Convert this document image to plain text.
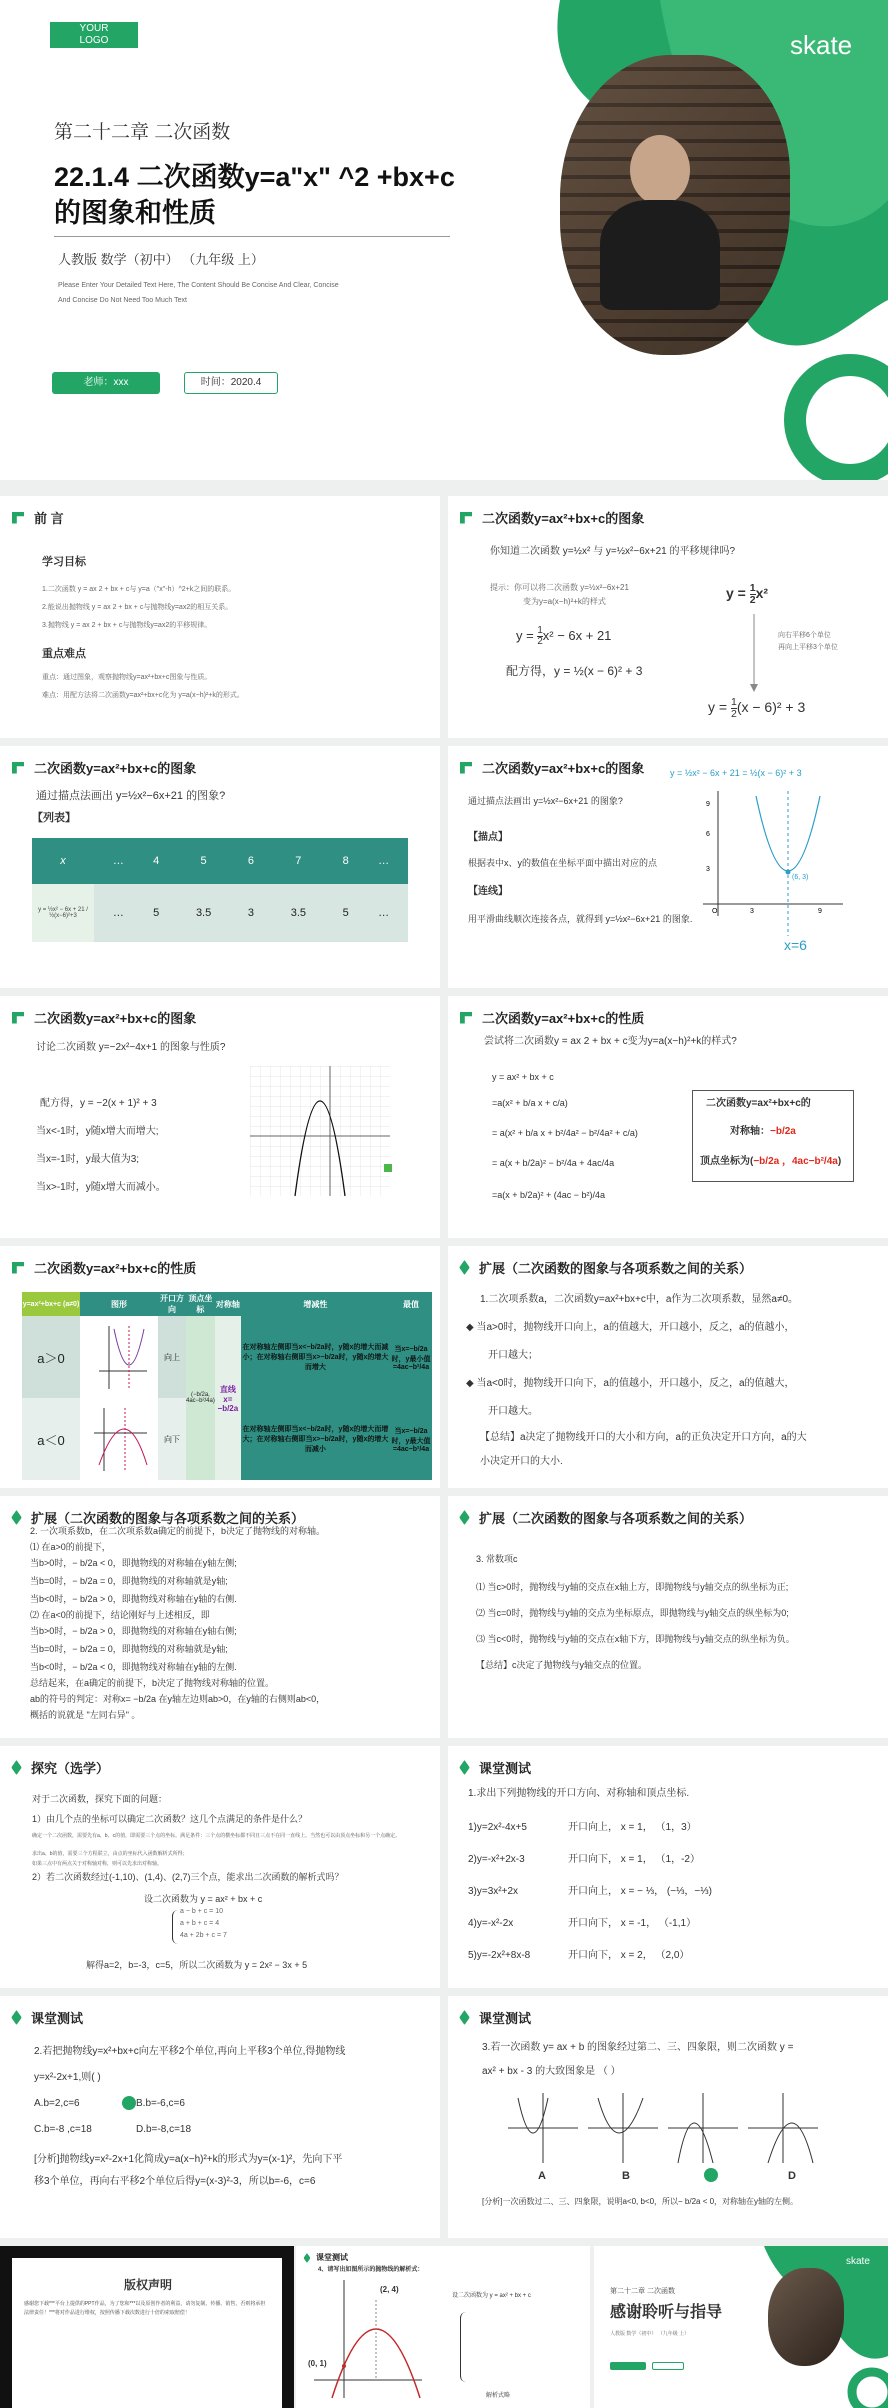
YOUR
LOGO	skate
第二十二章 二次函数
22.1.4 二次函数y=a"x" ^2 +bx+c
的图象和性质
人教版 数学（初中） （九年级 上）
Please Enter Your Detailed Text Here, The Content Should Be Concise And Clear, Concise
And Concise Do Not Need Too Much Text
老师：xxx	时间：2020.4
前 言
学习目标
1.二次函数 y = ax 2 + bx + c与 y=a（"x"-h）^2+k之间的联系。
2.能说出抛物线 y = ax 2 + bx + c与抛物线y=ax2的相互关系。
3.抛物线 y = ax 2 + bx + c与抛物线y=ax2的平移规律。
重点难点
重点：通过图象，观察抛物线y=ax²+bx+c图象与性质。
难点：用配方法将二次函数y=ax²+bx+c化为 y=a(x−h)²+k的形式。
二次函数y=ax²+bx+c的图象
你知道二次函数 y=½x² 与 y=½x²−6x+21 的平移规律吗?
提示：你可以将二次函数 y=½x²−6x+21
变为y=a(x−h)²+k的样式
$y = \frac{1}{2} x^2 - 6x + 21$
配方得，y = ½(x − 6)² + 3
$y = \frac{1}{2} x^2$
向右平移6个单位
再向上平移3个单位
$y = \frac{1}{2} (x - 6)^2 + 3$
二次函数y=ax²+bx+c的图象
通过描点法画出 y=½x²−6x+21 的图象?
【列表】
x	…	4	5	6	7	8	…
y = ½x² − 6x + 21 / ½(x−6)²+3	…	5	3.5	3	3.5	5	…
二次函数y=ax²+bx+c的图象
通过描点法画出 y=½x²−6x+21 的图象?
【描点】
根据表中x、y的数值在坐标平面中描出对应的点
【连线】
用平滑曲线顺次连接各点，就得到 y=½x²−6x+21 的图象.
y = ½x² − 6x + 21 = ½(x − 6)² + 3
9
6
3
O	3	9
(6, 3)
x=6
二次函数y=ax²+bx+c的图象
讨论二次函数 y=−2x²−4x+1 的图象与性质?
配方得，y = −2(x + 1)² + 3
当x<-1时，y随x增大而增大;
当x=-1时，y最大值为3;
当x>-1时，y随x增大而减小。
二次函数y=ax²+bx+c的性质
尝试将二次函数y = ax 2 + bx + c变为y=a(x−h)²+k的样式?
y = ax² + bx + c
=a(x² + b/a x + c/a)
= a(x² + b/a x + b²/4a² − b²/4a² + c/a)
= a(x + b/2a)² − b²/4a + 4ac/4a
=a(x + b/2a)² + (4ac − b²)/4a
二次函数y=ax²+bx+c的
对称轴：−b/2a
顶点坐标为(−b/2a ，4ac−b²/4a)
二次函数y=ax²+bx+c的性质
y=ax²+bx+c (a≠0)	图形	开口方向	顶点坐标	对称轴	增减性	最值
a＞0		向上	(−b/2a, 4ac−b²/4a)	直线 x= −b/2a	在对称轴左侧即当x<−b/2a时，y随x的增大而减小；在对称轴右侧即当x>−b/2a时，y随x的增大而增大	当x=−b/2a时，y最小值=4ac−b²/4a
a＜0		向下			在对称轴左侧即当x<−b/2a时，y随x的增大而增大；在对称轴右侧即当x>−b/2a时，y随x的增大而减小	当x=−b/2a时，y最大值=4ac−b²/4a
扩展（二次函数的图象与各项系数之间的关系）
1.二次项系数a，二次函数y=ax²+bx+c中，a作为二次项系数，显然a≠0。
◆ 当a>0时，抛物线开口向上，a的值越大，开口越小，反之，a的值越小，
开口越大；
◆ 当a<0时，抛物线开口向下，a的值越小，开口越小，反之，a的值越大，
开口越大。
【总结】a决定了抛物线开口的大小和方向，a的正负决定开口方向，a的大
小决定开口的大小.
扩展（二次函数的图象与各项系数之间的关系）
2. 一次项系数b，在二次项系数a确定的前提下，b决定了抛物线的对称轴。
⑴ 在a>0的前提下，
当b>0时，− b/2a < 0，即抛物线的对称轴在y轴左侧;
当b=0时，− b/2a = 0，即抛物线的对称轴就是y轴;
当b<0时，− b/2a > 0，即抛物线对称轴在y轴的右侧.
⑵ 在a<0的前提下，结论刚好与上述相反，即
当b>0时，− b/2a > 0，即抛物线的对称轴在y轴右侧;
当b=0时，− b/2a = 0，即抛物线的对称轴就是y轴;
当b<0时，− b/2a < 0，即抛物线对称轴在y轴的左侧.
总结起来，在a确定的前提下，b决定了抛物线对称轴的位置。
ab的符号的判定：对称x= −b/2a 在y轴左边则ab>0，在y轴的右侧则ab<0，
概括的说就是 "左同右异" 。
扩展（二次函数的图象与各项系数之间的关系）
3. 常数项c
⑴ 当c>0时，抛物线与y轴的交点在x轴上方，即抛物线与y轴交点的纵坐标为正;
⑵ 当c=0时，抛物线与y轴的交点为坐标原点，即抛物线与y轴交点的纵坐标为0;
⑶ 当c<0时，抛物线与y轴的交点在x轴下方，即抛物线与y轴交点的纵坐标为负。
【总结】c决定了抛物线与y轴交点的位置。
探究（选学）
对于二次函数，探究下面的问题：
1）由几个点的坐标可以确定二次函数？这几个点满足的条件是什么？
确定一个二次函数，需要先有a、b、c的值，即需要三个点的坐标。满足条件：三个点的横坐标都不同且三点不在同一直线上。当然也可以由顶点坐标和另一个点确定。
求出a、b的值，需要三个方程联立，由点的坐标代入函数解析式所得；
如果三点中有两点关于对称轴对称，则可以先求出对称轴。
2）若二次函数经过(-1,10)、(1,4)、(2,7)三个点，能求出二次函数的解析式吗？
设二次函数为 y = ax² + bx + c
a − b + c = 10
a + b + c = 4
4a + 2b + c = 7
解得a=2，b=-3，c=5，所以二次函数为 y = 2x² − 3x + 5
课堂测试
1.求出下列抛物线的开口方向、对称轴和顶点坐标.
1)y=2x²-4x+5	开口向上， x = 1， （1，3）
2)y=-x²+2x-3	开口向下， x = 1， （1，-2）
3)y=3x²+2x	开口向上， x = − ⅓， (−⅓，−⅓)
4)y=-x²-2x	开口向下， x = -1， （-1,1）
5)y=-2x²+8x-8	开口向下， x = 2， （2,0）
课堂测试
2.若把抛物线y=x²+bx+c向左平移2个单位,再向上平移3个单位,得抛物线
y=x²-2x+1,则( )
A.b=2,c=6	B.b=-6,c=6
C.b=-8 ,c=18	D.b=-8,c=18
[分析]抛物线y=x²-2x+1化简成y=a(x−h)²+k的形式为y=(x-1)²，先向下平
移3个单位，再向右平移2个单位后得y=(x-3)²-3，所以b=-6，c=6
课堂测试
3.若一次函数 y= ax + b 的图象经过第二、三、四象限，则二次函数 y =
ax² + bx - 3 的大致图象是 （ ）
A	B	C	D
[分析]一次函数过二、三、四象限，说明a<0, b<0，所以− b/2a < 0，对称轴在y轴的左侧。
版权声明
感谢您下载***平台上提供的PPT作品，为了您和***以及原创作者的利益，请勿复制、传播、销售，否则将承担法律责任！***将对作品进行维权，按照传播下载次数进行十倍的索取赔偿！
课堂测试
4、请写出如图所示的抛物线的解析式：
(2, 4)
(0, 1)
设二次函数为 y = ax² + bx + c
解析式略
skate
第二十二章 二次函数
感谢聆听与指导
人教版 数学（初中） （九年级 上）
